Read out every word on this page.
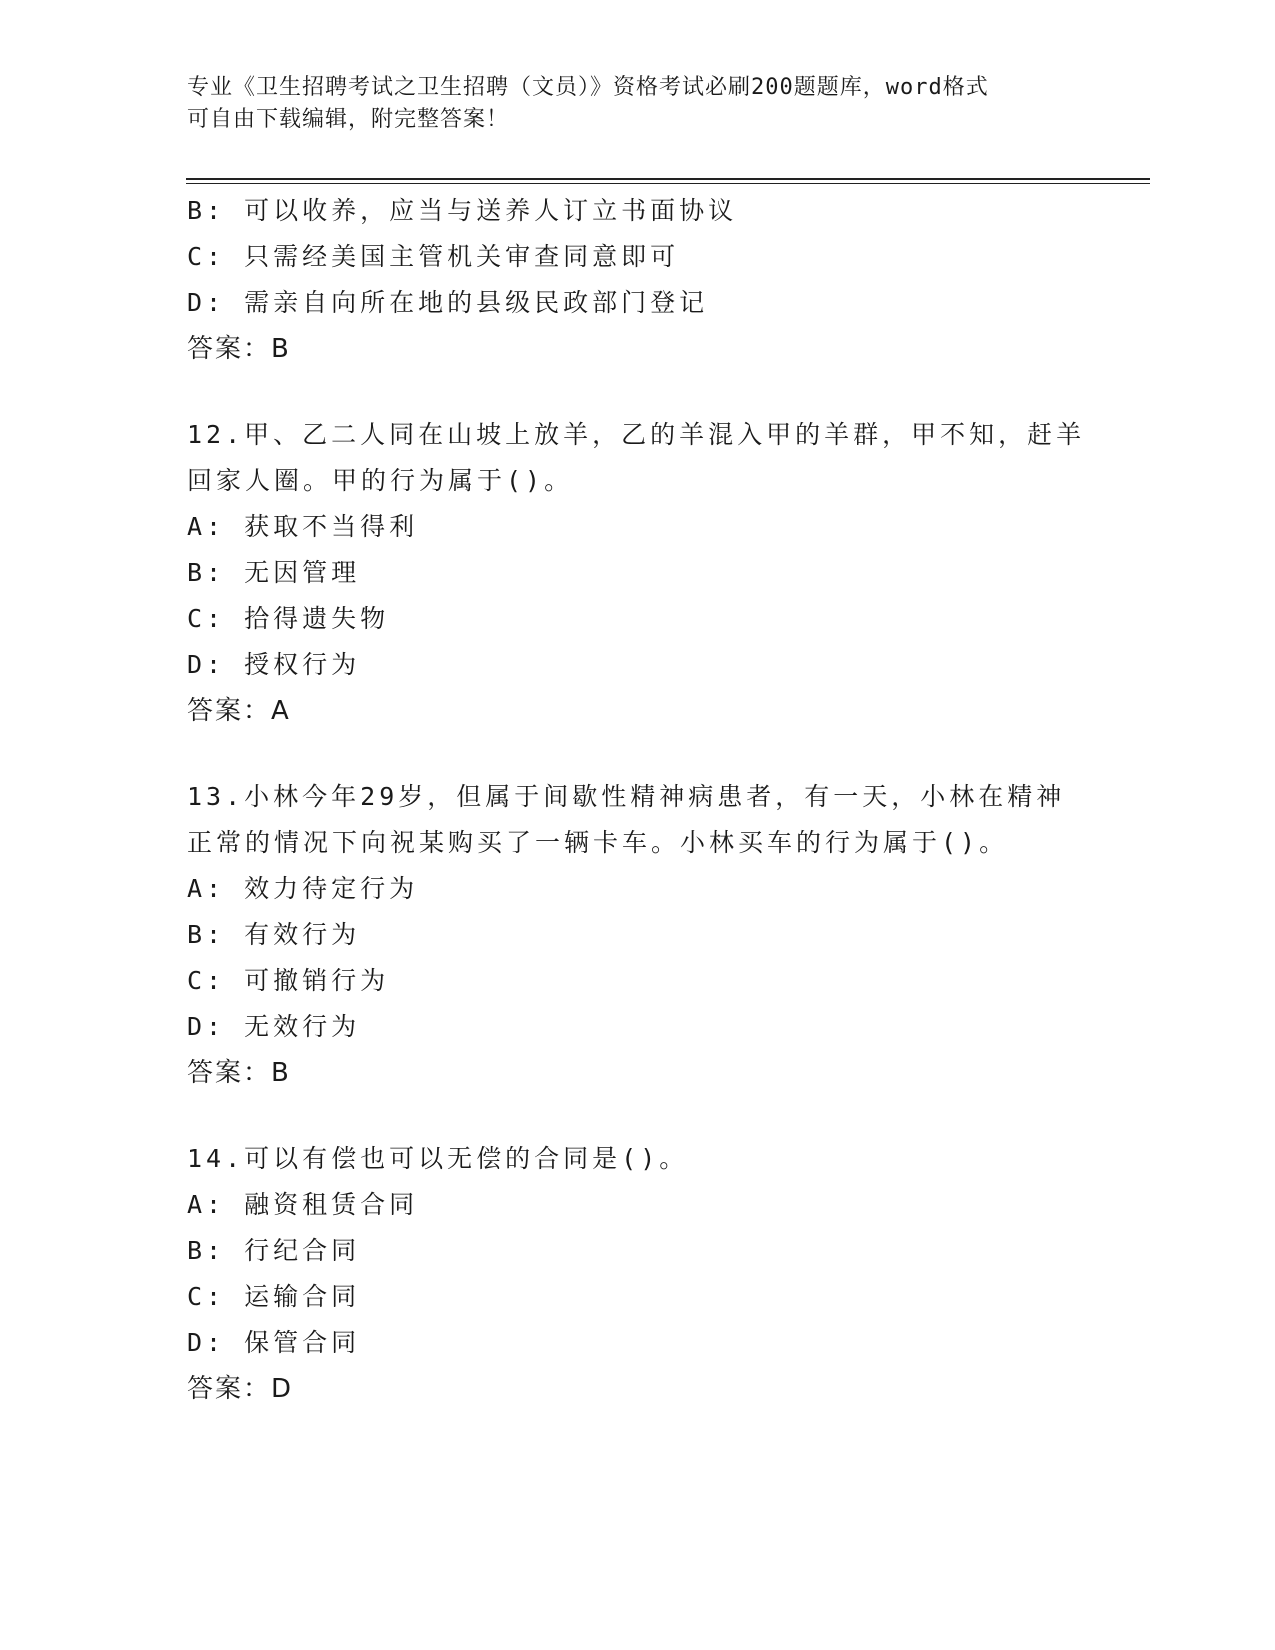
专业《卫生招聘考试之卫生招聘（文员）》资格考试必刷200题题库，word格式
可自由下载编辑，附完整答案！
B: 可以收养，应当与送养人订立书面协议
C: 只需经美国主管机关审查同意即可
D: 需亲自向所在地的县级民政部门登记
答案：B
12.甲、乙二人同在山坡上放羊，乙的羊混入甲的羊群，甲不知，赶羊
回家人圈。甲的行为属于()。
A: 获取不当得利
B: 无因管理
C: 拾得遗失物
D: 授权行为
答案：A
13.小林今年29岁，但属于间歇性精神病患者，有一天，小林在精神
正常的情况下向祝某购买了一辆卡车。小林买车的行为属于()。
A: 效力待定行为
B: 有效行为
C: 可撤销行为
D: 无效行为
答案：B
14.可以有偿也可以无偿的合同是()。
A: 融资租赁合同
B: 行纪合同
C: 运输合同
D: 保管合同
答案：D
